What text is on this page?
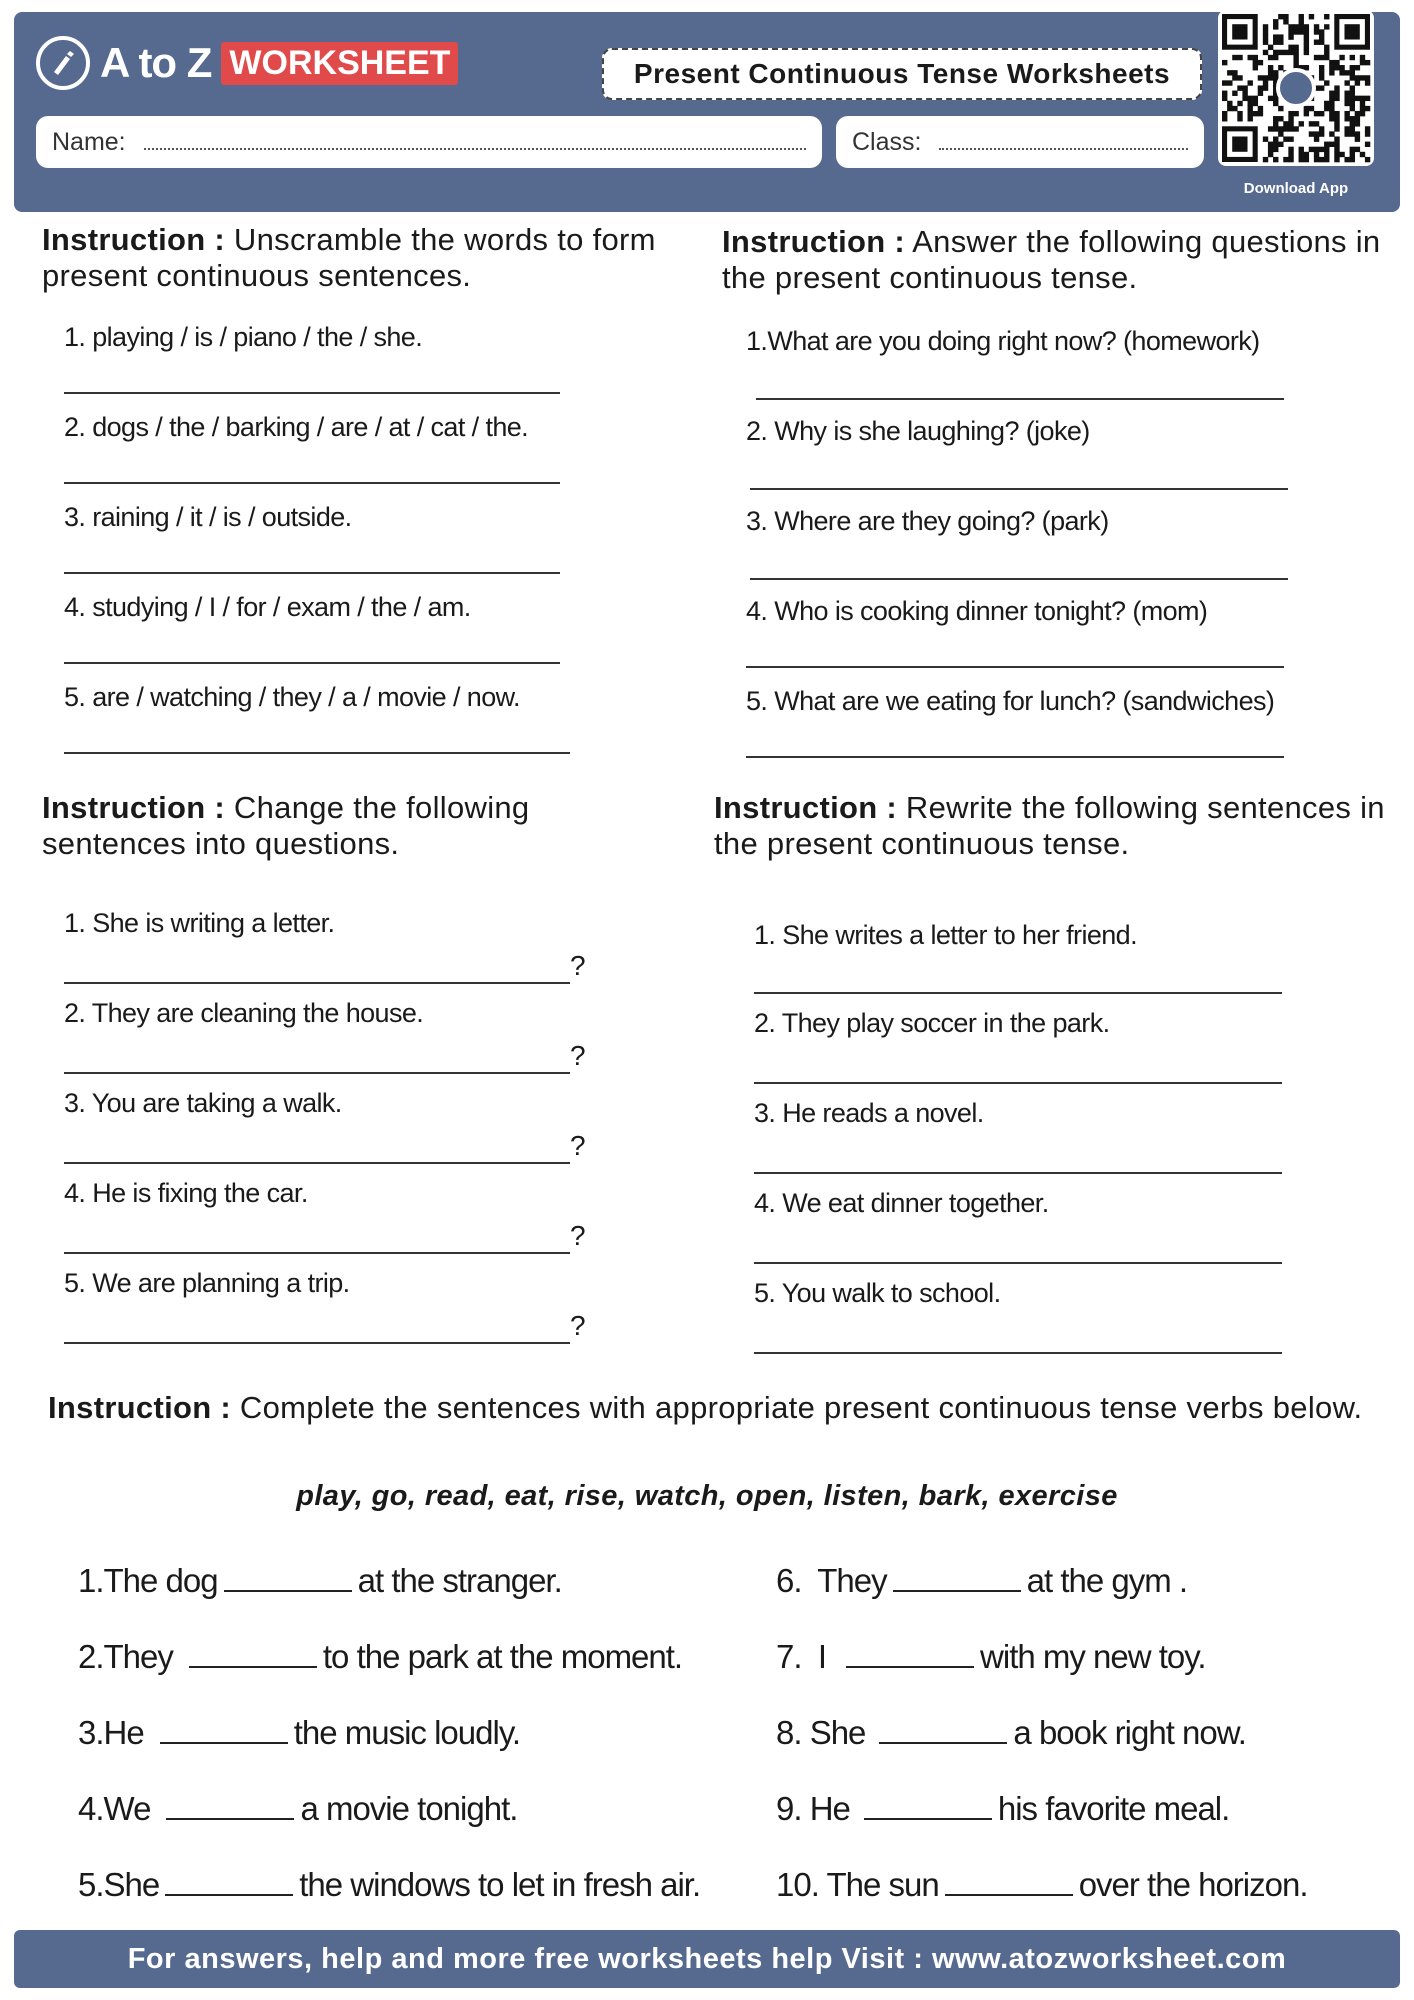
A to Z WORKSHEET	Present Continuous Tense Worksheets
Name:	Class:
Download App
Instruction : Unscramble the words to form present continuous sentences.
1. playing / is / piano / the / she.
2. dogs / the / barking / are / at / cat / the.
3. raining / it / is / outside.
4. studying / I / for / exam / the / am.
5. are / watching / they / a / movie / now.
Instruction : Answer the following questions in the present continuous tense.
1.What are you doing right now? (homework)
2. Why is she laughing? (joke)
3. Where are they going? (park)
4. Who is cooking dinner tonight? (mom)
5. What are we eating for lunch? (sandwiches)
Instruction : Change the following sentences into questions.
1. She is writing a letter.
?
2. They are cleaning the house.
?
3. You are taking a walk.
?
4. He is fixing the car.
?
5. We are planning a trip.
?
Instruction : Rewrite the following sentences in the present continuous tense.
1. She writes a letter to her friend.
2. They play soccer in the park.
3. He reads a novel.
4. We eat dinner together.
5. You walk to school.
Instruction : Complete the sentences with appropriate present continuous tense verbs below.
play, go, read, eat, rise, watch, open, listen, bark, exercise
1.The dog	at the stranger.
2.They	to the park at the moment.
3.He	the music loudly.
4.We	a movie tonight.
5.She	the windows to let in fresh air.
6.  They	at the gym .
7.  I	with my new toy.
8. She	a book right now.
9. He	his favorite meal.
10. The sun	over the horizon.
For answers, help and more free worksheets help Visit : www.atozworksheet.com
